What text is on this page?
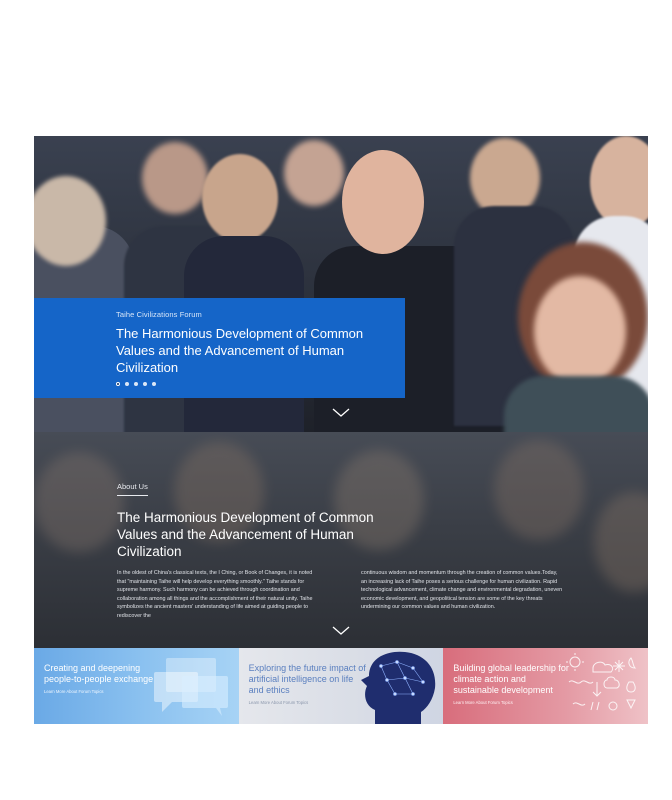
Taihe Civilizations Forum
The Harmonious Development of Common Values and the Advancement of Human Civilization
About Us
The Harmonious Development of Common Values and the Advancement of Human Civilization

In the oldest of China's classical texts, the I Ching, or Book of Changes, it is noted that "maintaining Taihe will help develop everything smoothly." Taihe stands for supreme harmony. Such harmony can be achieved through coordination and collaboration among all things and the accomplishment of their natural unity. Taihe symbolizes the ancient masters' understanding of life aimed at guiding people to rediscover the

continuous wisdom and momentum through the creation of common values.Today, an increasing lack of Taihe poses a serious challenge for human civilization. Rapid technological advancement, climate change and environmental degradation, uneven economic development, and geopolitical tension are some of the key threats undermining our common values and human civilization.

Creating and deepening people-to-people exchange
Learn More About Forum Topics
Exploring the future impact of artificial intelligence on life and ethics
Learn More About Forum Topics
Building global leadership for climate action and sustainable development
Learn More About Forum Topics
